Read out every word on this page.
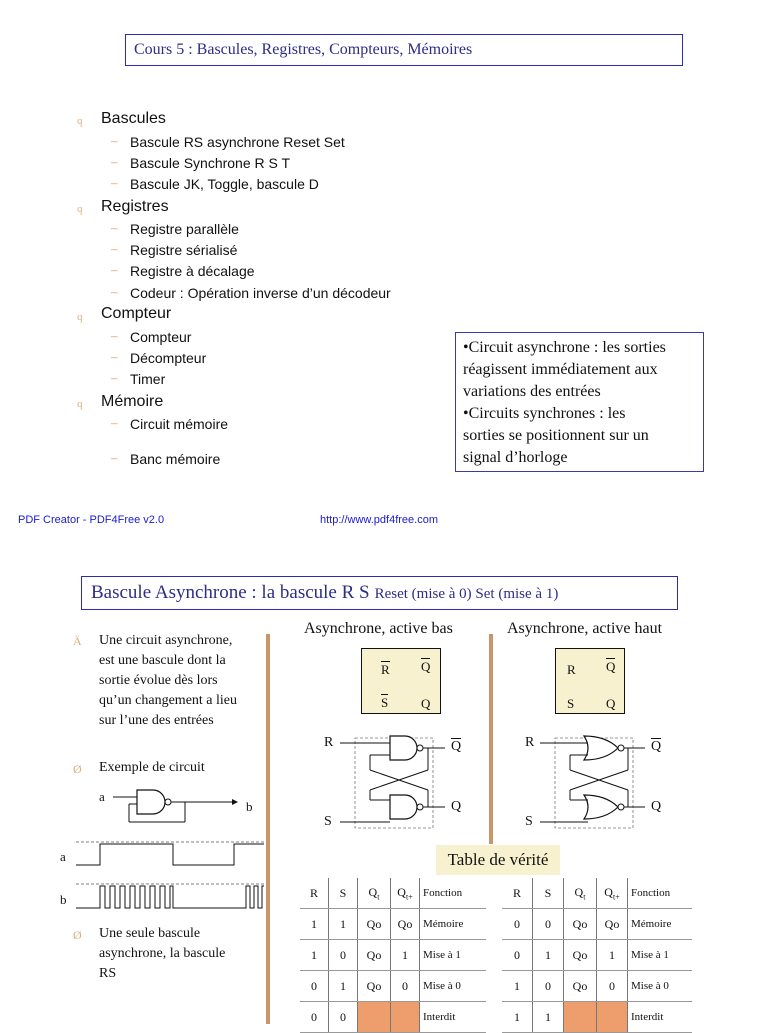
Cours 5 : Bascules, Registres, Compteurs, Mémoires
q Bascules
– Bascule RS asynchrone Reset Set
– Bascule Synchrone R S T
– Bascule JK, Toggle, bascule D
q Registres
– Registre parallèle
– Registre sérialisé
– Registre à décalage
– Codeur : Opération inverse d’un décodeur
q Compteur
– Compteur
– Décompteur
– Timer
q Mémoire
– Circuit mémoire
– Banc mémoire
•Circuit asynchrone : les sorties
réagissent immédiatement aux
variations des entrées
•Circuits synchrones : les
sorties se positionnent sur un
signal d’horloge
PDF Creator - PDF4Free v2.0	http://www.pdf4free.com
Bascule Asynchrone : la bascule R S Reset (mise à 0) Set (mise à 1)
Ä Une circuit asynchrone,
est une bascule dont la
sortie évolue dès lors
qu’un changement a lieu
sur l’une des entrées
Ø Exemple de circuit
a
b
a
b
Ø Une seule bascule
asynchrone, la bascule
RS
Asynchrone, active bas	Asynchrone, active haut
R
S
Q
Q
R
S
Q
Q
R
S
Q
Q
R
S
Q
Q
Table de vérité
R	S	$Q_t$	$Q_{t+}$	Fonction
1	1	Qo	Qo	Mémoire
1	0	Qo	1	Mise à 1
0	1	Qo	0	Mise à 0
0	0			Interdit
R	S	$Q_t$	$Q_{t+}$	Fonction
0	0	Qo	Qo	Mémoire
0	1	Qo	1	Mise à 1
1	0	Qo	0	Mise à 0
1	1			Interdit
